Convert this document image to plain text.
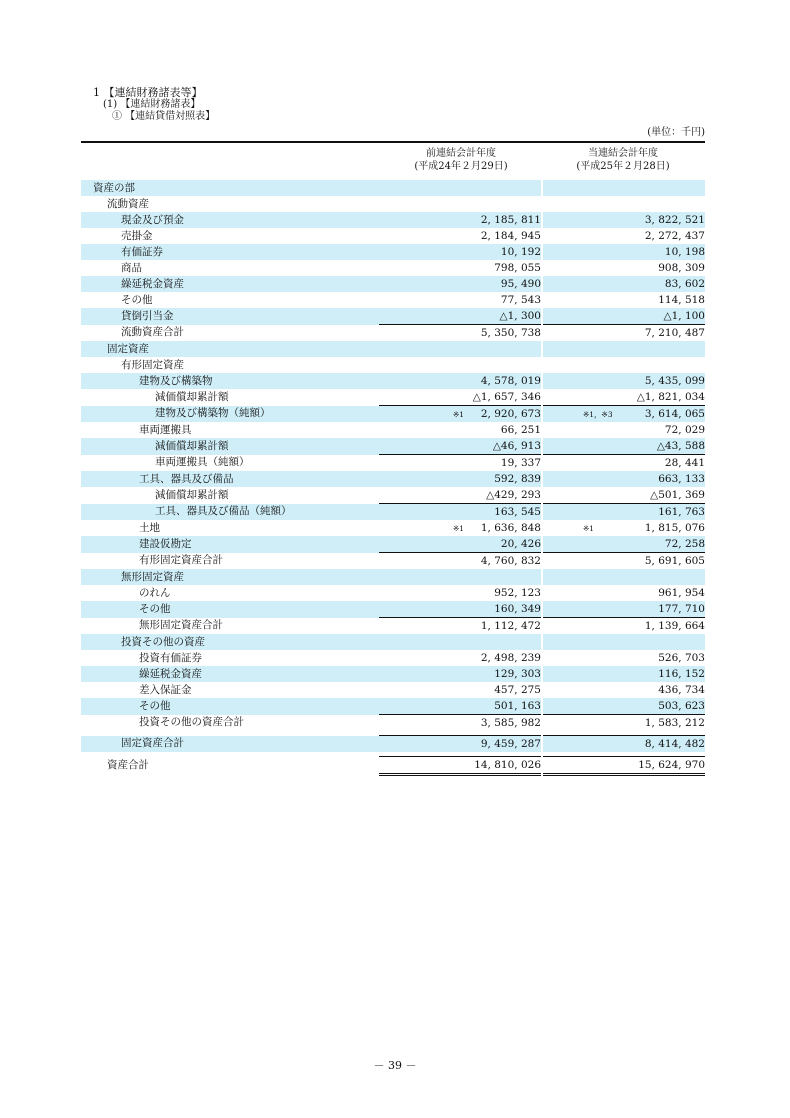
1 【連結財務諸表等】
(1) 【連結財務諸表】
① 【連結貸借対照表】
(単位：千円)
前連結会計年度
(平成24年２月29日)
当連結会計年度
(平成25年２月28日)
資産の部			
流動資産			
現金及び預金	2, 185, 811		3, 822, 521
売掛金	2, 184, 945		2, 272, 437
有価証券	10, 192		10, 198
商品	798, 055		908, 309
繰延税金資産	95, 490		83, 602
その他	77, 543		114, 518
貸倒引当金	△1, 300		△1, 100
流動資産合計	5, 350, 738		7, 210, 487
固定資産			
有形固定資産			
建物及び構築物	4, 578, 019		5, 435, 099
減価償却累計額	△1, 657, 346		△1, 821, 034
建物及び構築物（純額）	※1 2, 920, 673		※1，※3 3, 614, 065
車両運搬具	66, 251		72, 029
減価償却累計額	△46, 913		△43, 588
車両運搬具（純額）	19, 337		28, 441
工具、器具及び備品	592, 839		663, 133
減価償却累計額	△429, 293		△501, 369
工具、器具及び備品（純額）	163, 545		161, 763
土地	※1 1, 636, 848		※1 1, 815, 076
建設仮勘定	20, 426		72, 258
有形固定資産合計	4, 760, 832		5, 691, 605
無形固定資産			
のれん	952, 123		961, 954
その他	160, 349		177, 710
無形固定資産合計	1, 112, 472		1, 139, 664
投資その他の資産			
投資有価証券	2, 498, 239		526, 703
繰延税金資産	129, 303		116, 152
差入保証金	457, 275		436, 734
その他	501, 163		503, 623
投資その他の資産合計	3, 585, 982		1, 583, 212

固定資産合計	9, 459, 287		8, 414, 482

資産合計	14, 810, 026		15, 624, 970
－ 39 －
